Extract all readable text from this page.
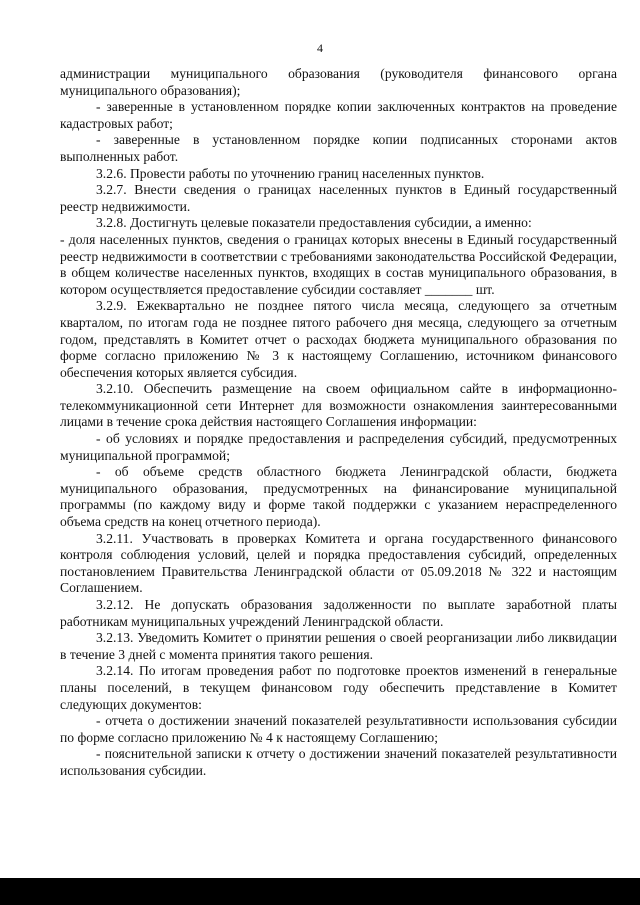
4

администрации муниципального образования (руководителя финансового органа муниципального образования);

- заверенные в установленном порядке копии заключенных контрактов на проведение кадастровых работ;

- заверенные в установленном порядке копии подписанных сторонами актов выполненных работ.

3.2.6. Провести работы по уточнению границ населенных пунктов.

3.2.7. Внести сведения о границах населенных пунктов в Единый государственный реестр недвижимости.

3.2.8. Достигнуть целевые показатели предоставления субсидии, а именно:

- доля населенных пунктов, сведения о границах которых внесены в Единый государственный реестр недвижимости в соответствии с требованиями законодательства Российской Федерации, в общем количестве населенных пунктов, входящих в состав муниципального образования, в котором осуществляется предоставление субсидии составляет _______ шт.

3.2.9. Ежеквартально не позднее пятого числа месяца, следующего за отчетным кварталом, по итогам года не позднее пятого рабочего дня месяца, следующего за отчетным годом, представлять в Комитет отчет о расходах бюджета муниципального образования по форме согласно приложению № 3 к настоящему Соглашению, источником финансового обеспечения которых является субсидия.

3.2.10. Обеспечить размещение на своем официальном сайте в информационно-телекоммуникационной сети Интернет для возможности ознакомления заинтересованными лицами в течение срока действия настоящего Соглашения информации:

- об условиях и порядке предоставления и распределения субсидий, предусмотренных муниципальной программой;

- об объеме средств областного бюджета Ленинградской области, бюджета муниципального образования, предусмотренных на финансирование муниципальной программы (по каждому виду и форме такой поддержки с указанием нераспределенного объема средств на конец отчетного периода).

3.2.11. Участвовать в проверках Комитета и органа государственного финансового контроля соблюдения условий, целей и порядка предоставления субсидий, определенных постановлением Правительства Ленинградской области от 05.09.2018 № 322 и настоящим Соглашением.

3.2.12. Не допускать образования задолженности по выплате заработной платы работникам муниципальных учреждений Ленинградской области.

3.2.13. Уведомить Комитет о принятии решения о своей реорганизации либо ликвидации в течение 3 дней с момента принятия такого решения.

3.2.14. По итогам проведения работ по подготовке проектов изменений в генеральные планы поселений, в текущем финансовом году обеспечить представление в Комитет следующих документов:

- отчета о достижении значений показателей результативности использования субсидии по форме согласно приложению № 4 к настоящему Соглашению;

- пояснительной записки к отчету о достижении значений показателей результативности использования субсидии.
